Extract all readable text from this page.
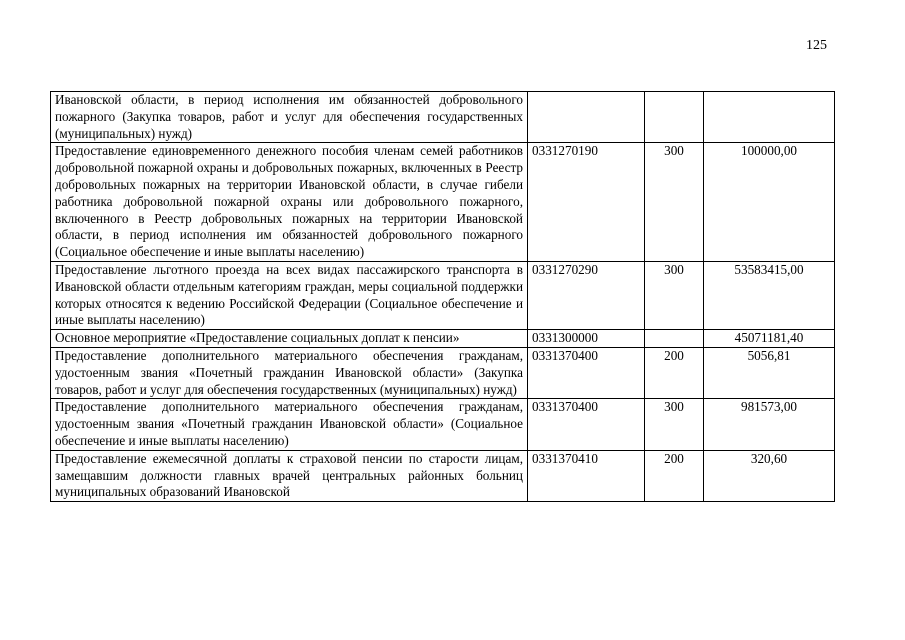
125
Ивановской области, в период исполнения им обязанностей добровольного пожарного (Закупка товаров, работ и услуг для обеспечения государственных (муниципальных) нужд)			
Предоставление единовременного денежного пособия членам семей работников добровольной пожарной охраны и добровольных пожарных, включенных в Реестр добровольных пожарных на территории Ивановской области, в случае гибели работника добровольной пожарной охраны или добровольного пожарного, включенного в Реестр добровольных пожарных на территории Ивановской области, в период исполнения им обязанностей добровольного пожарного (Социальное обеспечение и иные выплаты населению)	0331270190	300	100000,00
Предоставление льготного проезда на всех видах пассажирского транспорта в Ивановской области отдельным категориям граждан, меры социальной поддержки которых относятся к ведению Российской Федерации (Социальное обеспечение и иные выплаты населению)	0331270290	300	53583415,00
Основное мероприятие «Предоставление социальных доплат к пенсии»	0331300000		45071181,40
Предоставление дополнительного материального обеспечения гражданам, удостоенным звания «Почетный гражданин Ивановской области» (Закупка товаров, работ и услуг для обеспечения государственных (муниципальных) нужд)	0331370400	200	5056,81
Предоставление дополнительного материального обеспечения гражданам, удостоенным звания «Почетный гражданин Ивановской области» (Социальное обеспечение и иные выплаты населению)	0331370400	300	981573,00
Предоставление ежемесячной доплаты к страховой пенсии по старости лицам, замещавшим должности главных врачей центральных районных больниц муниципальных образований Ивановской	0331370410	200	320,60
